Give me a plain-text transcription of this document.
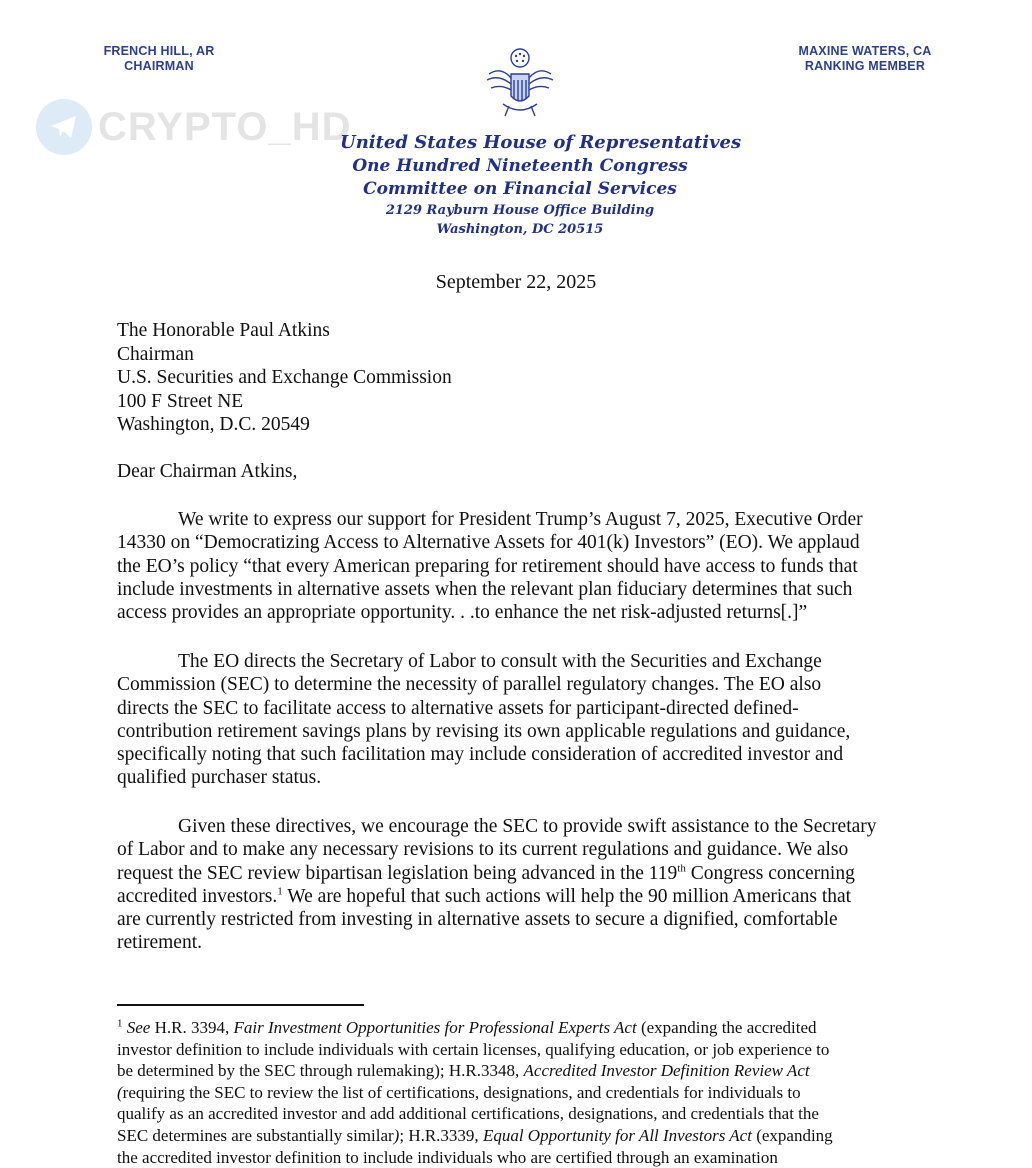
FRENCH HILL, AR
CHAIRMAN
MAXINE WATERS, CA
RANKING MEMBER
CRYPTO_HD
United States House of Representatives
One Hundred Nineteenth Congress
Committee on Financial Services
2129 Rayburn House Office Building
Washington, DC 20515
September 22, 2025
The Honorable Paul Atkins
Chairman
U.S. Securities and Exchange Commission
100 F Street NE
Washington, D.C. 20549
Dear Chairman Atkins,
We write to express our support for President Trump’s August 7, 2025, Executive Order
14330 on “Democratizing Access to Alternative Assets for 401(k) Investors” (EO). We applaud
the EO’s policy “that every American preparing for retirement should have access to funds that
include investments in alternative assets when the relevant plan fiduciary determines that such
access provides an appropriate opportunity. . .to enhance the net risk-adjusted returns[.]”
The EO directs the Secretary of Labor to consult with the Securities and Exchange
Commission (SEC) to determine the necessity of parallel regulatory changes. The EO also
directs the SEC to facilitate access to alternative assets for participant-directed defined-
contribution retirement savings plans by revising its own applicable regulations and guidance,
specifically noting that such facilitation may include consideration of accredited investor and
qualified purchaser status.
Given these directives, we encourage the SEC to provide swift assistance to the Secretary
of Labor and to make any necessary revisions to its current regulations and guidance. We also
request the SEC review bipartisan legislation being advanced in the 119th Congress concerning
accredited investors.$^1$ We are hopeful that such actions will help the 90 million Americans that
are currently restricted from investing in alternative assets to secure a dignified, comfortable
retirement.
$^1$ See H.R. 3394, Fair Investment Opportunities for Professional Experts Act (expanding the accredited
investor definition to include individuals with certain licenses, qualifying education, or job experience to
be determined by the SEC through rulemaking); H.R.3348, Accredited Investor Definition Review Act
(requiring the SEC to review the list of certifications, designations, and credentials for individuals to
qualify as an accredited investor and add additional certifications, designations, and credentials that the
SEC determines are substantially similar); H.R.3339, Equal Opportunity for All Investors Act (expanding
the accredited investor definition to include individuals who are certified through an examination
